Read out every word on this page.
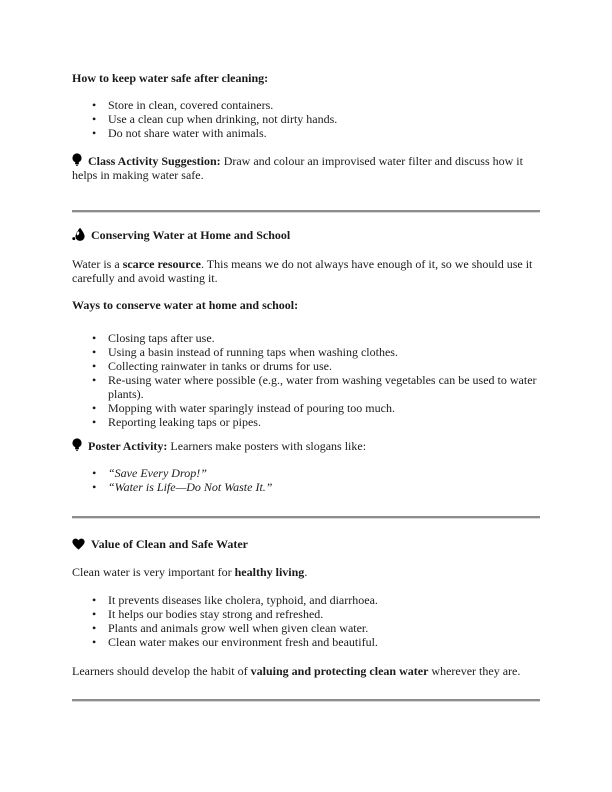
How to keep water safe after cleaning:

• Store in clean, covered containers.
• Use a clean cup when drinking, not dirty hands.
• Do not share water with animals.

Class Activity Suggestion: Draw and colour an improvised water filter and discuss how it helps in making water safe.

Conserving Water at Home and School

Water is a scarce resource. This means we do not always have enough of it, so we should use it carefully and avoid wasting it.

Ways to conserve water at home and school:

• Closing taps after use.
• Using a basin instead of running taps when washing clothes.
• Collecting rainwater in tanks or drums for use.
• Re-using water where possible (e.g., water from washing vegetables can be used to water plants).
• Mopping with water sparingly instead of pouring too much.
• Reporting leaking taps or pipes.

Poster Activity: Learners make posters with slogans like:

• “Save Every Drop!”
• “Water is Life—Do Not Waste It.”

Value of Clean and Safe Water

Clean water is very important for healthy living.

• It prevents diseases like cholera, typhoid, and diarrhoea.
• It helps our bodies stay strong and refreshed.
• Plants and animals grow well when given clean water.
• Clean water makes our environment fresh and beautiful.

Learners should develop the habit of valuing and protecting clean water wherever they are.
